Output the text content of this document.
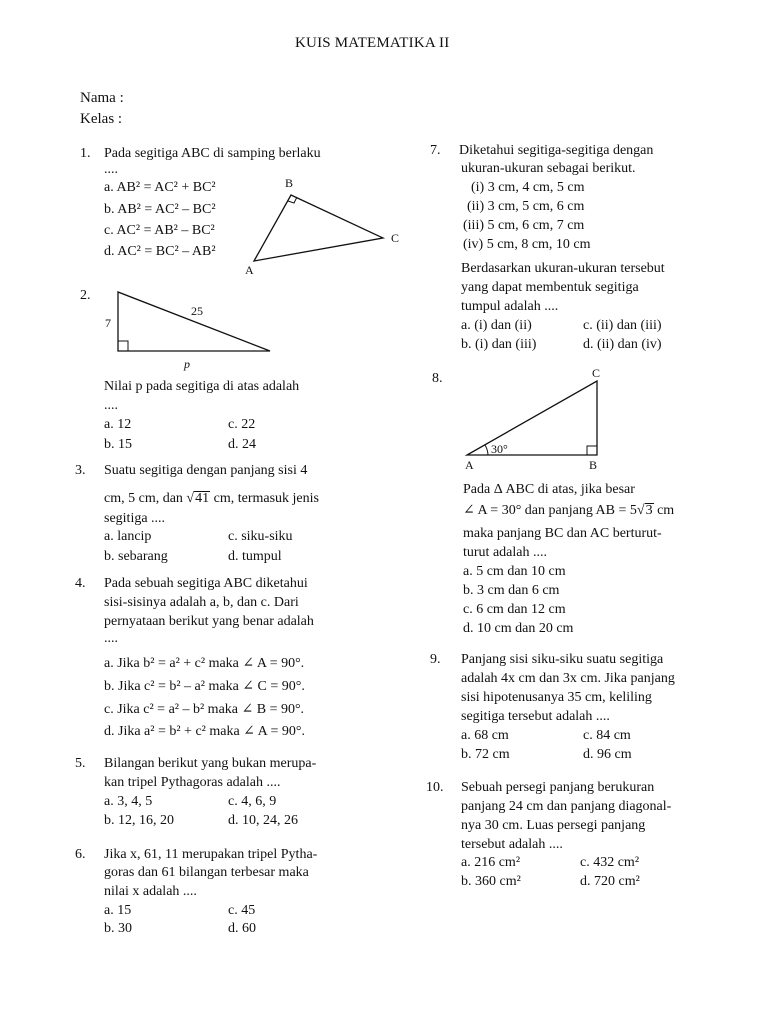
KUIS MATEMATIKA II
Nama :
Kelas :
A
B
C
7
25
p
A	B
C
30°
1. Pada segitiga ABC di samping berlaku
....
a. AB² = AC² + BC²
b. AB² = AC² – BC²
c. AC² = AB² – BC²
d. AC² = BC² – AB²
2.
Nilai p pada segitiga di atas adalah
....
a. 12
b. 15
c. 22
d. 24
3. Suatu segitiga dengan panjang sisi 4
cm, 5 cm, dan √41 cm, termasuk jenis
segitiga ....
a. lancip
b. sebarang
c. siku-siku
d. tumpul
4. Pada sebuah segitiga ABC diketahui
sisi-sisinya adalah a, b, dan c. Dari
pernyataan berikut yang benar adalah
....
a. Jika b² = a² + c² maka ∠ A = 90°.
b. Jika c² = b² – a² maka ∠ C = 90°.
c. Jika c² = a² – b² maka ∠ B = 90°.
d. Jika a² = b² + c² maka ∠ A = 90°.
5. Bilangan berikut yang bukan merupa-
kan tripel Pythagoras adalah ....
a. 3, 4, 5
b. 12, 16, 20
c. 4, 6, 9
d. 10, 24, 26
6. Jika x, 61, 11 merupakan tripel Pytha-
goras dan 61 bilangan terbesar maka
nilai x adalah ....
a. 15
b. 30
c. 45
d. 60
7. Diketahui segitiga-segitiga dengan
ukuran-ukuran sebagai berikut.
(i) 3 cm, 4 cm, 5 cm
(ii) 3 cm, 5 cm, 6 cm
(iii) 5 cm, 6 cm, 7 cm
(iv) 5 cm, 8 cm, 10 cm
Berdasarkan ukuran-ukuran tersebut
yang dapat membentuk segitiga
tumpul adalah ....
a. (i) dan (ii)
b. (i) dan (iii)
c. (ii) dan (iii)
d. (ii) dan (iv)
8.
Pada Δ ABC di atas, jika besar
∠ A = 30° dan panjang AB = 5√3 cm
maka panjang BC dan AC berturut-
turut adalah ....
a. 5 cm dan 10 cm
b. 3 cm dan 6 cm
c. 6 cm dan 12 cm
d. 10 cm dan 20 cm
9. Panjang sisi siku-siku suatu segitiga
adalah 4x cm dan 3x cm. Jika panjang
sisi hipotenusanya 35 cm, keliling
segitiga tersebut adalah ....
a. 68 cm
b. 72 cm
c. 84 cm
d. 96 cm
10. Sebuah persegi panjang berukuran
panjang 24 cm dan panjang diagonal-
nya 30 cm. Luas persegi panjang
tersebut adalah ....
a. 216 cm²
b. 360 cm²
c. 432 cm²
d. 720 cm²
